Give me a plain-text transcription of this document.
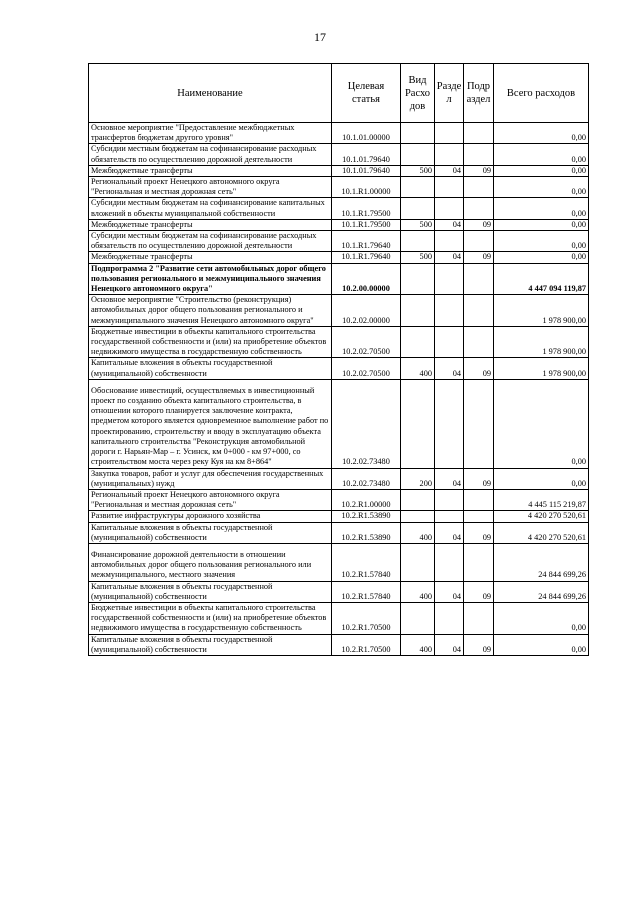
17
Наименование	Целевая статья	Вид Расхо дов	Разде л	Подр аздел	Всего расходов
Основное мероприятие "Предоставление межбюджетных трансфертов бюджетам другого уровня"	10.1.01.00000				0,00
Субсидии местным бюджетам на софинансирование расходных обязательств по осуществлению дорожной деятельности	10.1.01.79640				0,00
Межбюджетные трансферты	10.1.01.79640	500	04	09	0,00
Региональный проект Ненецкого автономного округа "Региональная и местная дорожная сеть"	10.1.R1.00000				0,00
Субсидии местным бюджетам на софинансирование капитальных вложений в объекты муниципальной собственности	10.1.R1.79500				0,00
Межбюджетные трансферты	10.1.R1.79500	500	04	09	0,00
Субсидии местным бюджетам на софинансирование расходных обязательств по осуществлению дорожной деятельности	10.1.R1.79640				0,00
Межбюджетные трансферты	10.1.R1.79640	500	04	09	0,00
Подпрограмма 2 "Развитие сети автомобильных дорог общего пользования регионального и межмуниципального значения Ненецкого автономного округа"	10.2.00.00000				4 447 094 119,87
Основное мероприятие "Строительство (реконструкция) автомобильных дорог общего пользования регионального и межмуниципального значения Ненецкого автономного округа"	10.2.02.00000				1 978 900,00
Бюджетные инвестиции в объекты капитального строительства государственной собственности и (или) на приобретение объектов недвижимого имущества в государственную собственность	10.2.02.70500				1 978 900,00
Капитальные вложения в объекты государственной (муниципальной) собственности	10.2.02.70500	400	04	09	1 978 900,00

Обоснование инвестиций, осуществляемых в инвестиционный проект по созданию объекта капитального строительства, в отношении которого планируется заключение контракта, предметом которого является одновременное выполнение работ по проектированию, строительству и вводу в эксплуатацию объекта капитального строительства "Реконструкция автомобильной дороги г. Нарьян-Мар – г. Усинск, км 0+000 - км 97+000, со строительством моста через реку Куя на км 8+864"	10.2.02.73480				0,00
Закупка товаров, работ и услуг для обеспечения государственных (муниципальных) нужд	10.2.02.73480	200	04	09	0,00
Региональный проект Ненецкого автономного округа "Региональная и местная дорожная сеть"	10.2.R1.00000				4 445 115 219,87
Развитие инфраструктуры дорожного хозяйства	10.2.R1.53890				4 420 270 520,61
Капитальные вложения в объекты государственной (муниципальной) собственности	10.2.R1.53890	400	04	09	4 420 270 520,61

Финансирование дорожной деятельности в отношении автомобильных дорог общего пользования регионального или межмуниципального, местного значения	10.2.R1.57840				24 844 699,26
Капитальные вложения в объекты государственной (муниципальной) собственности	10.2.R1.57840	400	04	09	24 844 699,26
Бюджетные инвестиции в объекты капитального строительства государственной собственности и (или) на приобретение объектов недвижимого имущества в государственную собственность	10.2.R1.70500				0,00
Капитальные вложения в объекты государственной (муниципальной) собственности	10.2.R1.70500	400	04	09	0,00
